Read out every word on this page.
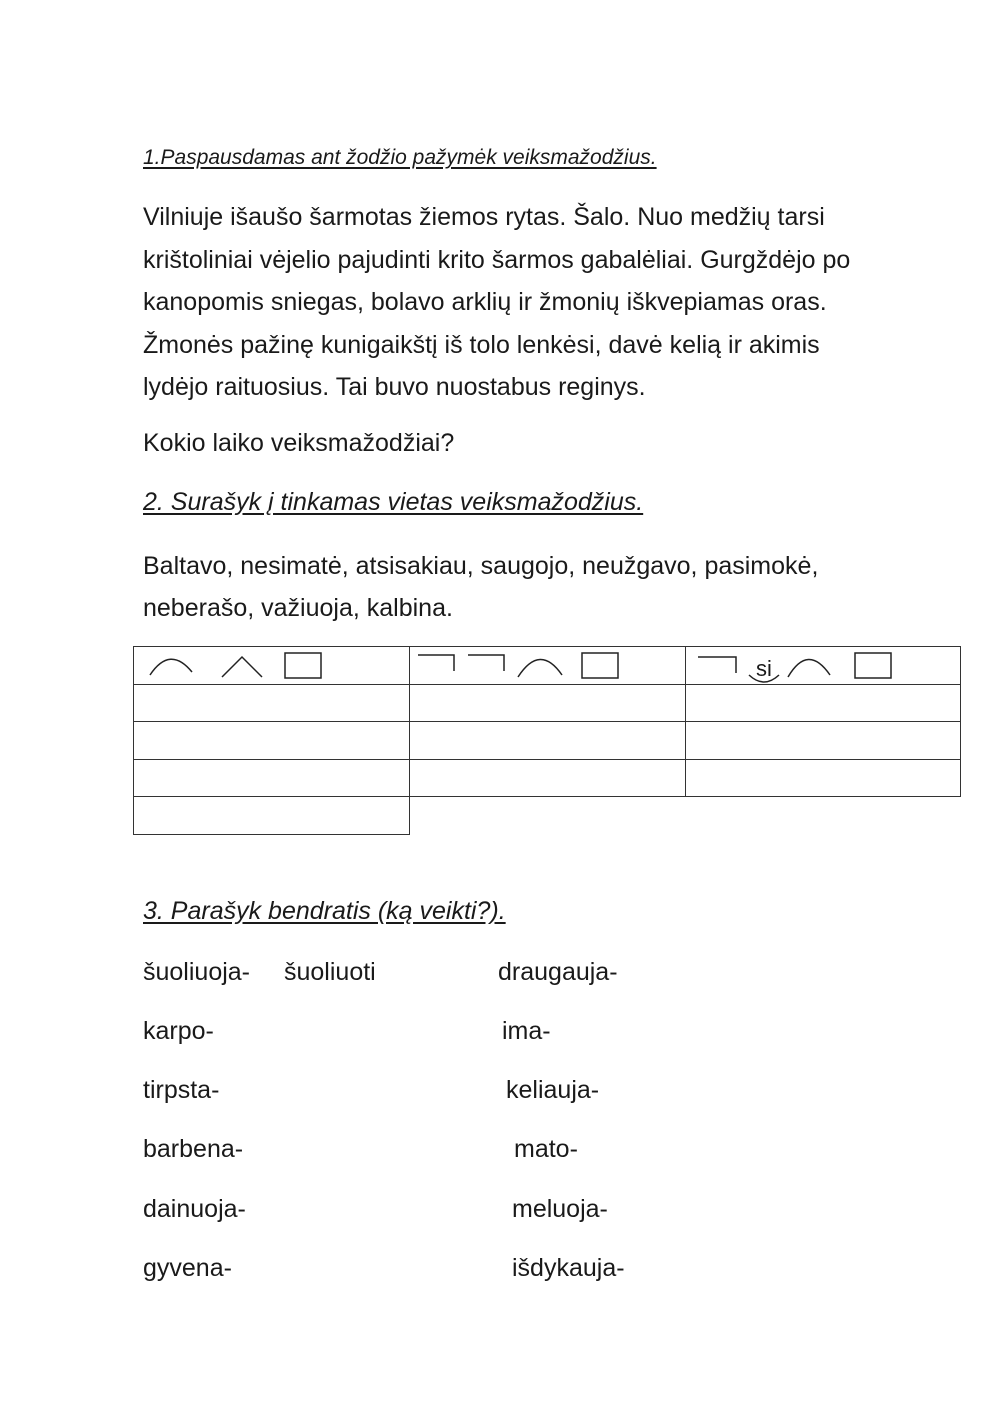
1.Paspausdamas ant žodžio pažymėk veiksmažodžius.

Vilniuje išaušo šarmotas žiemos rytas. Šalo. Nuo medžių tarsi

krištoliniai vėjelio pajudinti krito šarmos gabalėliai. Gurgždėjo po

kanopomis sniegas, bolavo arklių ir žmonių iškvepiamas oras.

Žmonės pažinę kunigaikštį iš tolo lenkėsi, davė kelią ir akimis

lydėjo raituosius. Tai buvo nuostabus reginys.

Kokio laiko veiksmažodžiai?
2. Surašyk į tinkamas vietas veiksmažodžius.

Baltavo, nesimatė, atsisakiau, saugojo, neužgavo, pasimokė,

neberašo, važiuoja, kalbina.

si
3. Parašyk bendratis (ką veikti?).
šuoliuoja- šuoliuoti	draugauja-
karpo-	ima-
tirpsta-	keliauja-
barbena-	mato-
dainuoja-	meluoja-
gyvena-	išdykauja-
